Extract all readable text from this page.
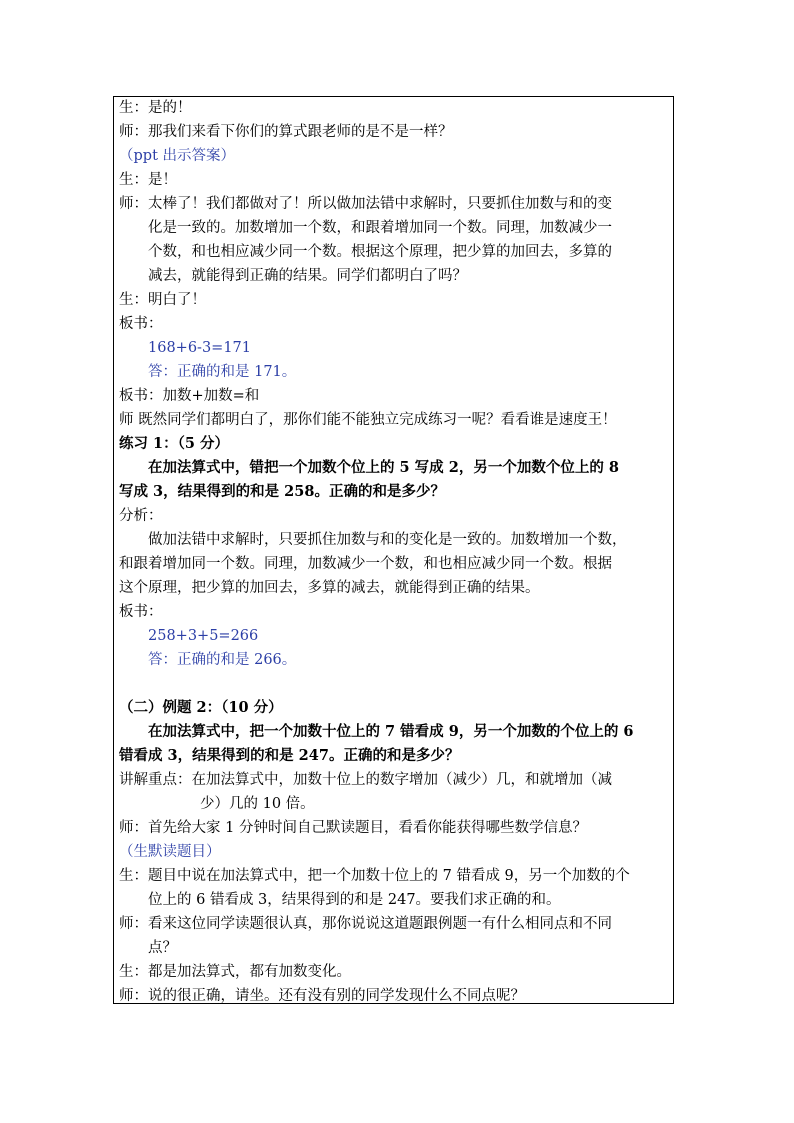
生：是的！
师：那我们来看下你们的算式跟老师的是不是一样？
（ppt 出示答案）
生：是！
师：太棒了！我们都做对了！所以做加法错中求解时，只要抓住加数与和的变
化是一致的。加数增加一个数，和跟着增加同一个数。同理，加数减少一
个数，和也相应减少同一个数。根据这个原理，把少算的加回去，多算的
减去，就能得到正确的结果。同学们都明白了吗？
生：明白了！
板书：
168+6-3=171
答：正确的和是 171。
板书：加数+加数=和
师 既然同学们都明白了，那你们能不能独立完成练习一呢？看看谁是速度王！
练习 1：（5 分）
在加法算式中，错把一个加数个位上的 5 写成 2，另一个加数个位上的 8
写成 3，结果得到的和是 258。正确的和是多少？
分析：
做加法错中求解时，只要抓住加数与和的变化是一致的。加数增加一个数，
和跟着增加同一个数。同理，加数减少一个数，和也相应减少同一个数。根据
这个原理，把少算的加回去，多算的减去，就能得到正确的结果。
板书：
258+3+5=266
答：正确的和是 266。
（二）例题 2：（10 分）
在加法算式中，把一个加数十位上的 7 错看成 9，另一个加数的个位上的 6
错看成 3，结果得到的和是 247。正确的和是多少？
讲解重点：在加法算式中，加数十位上的数字增加（减少）几，和就增加（减
少）几的 10 倍。
师：首先给大家 1 分钟时间自己默读题目，看看你能获得哪些数学信息？
（生默读题目）
生：题目中说在加法算式中，把一个加数十位上的 7 错看成 9，另一个加数的个
位上的 6 错看成 3，结果得到的和是 247。要我们求正确的和。
师：看来这位同学读题很认真，那你说说这道题跟例题一有什么相同点和不同
点？
生：都是加法算式，都有加数变化。
师：说的很正确，请坐。还有没有别的同学发现什么不同点呢？
